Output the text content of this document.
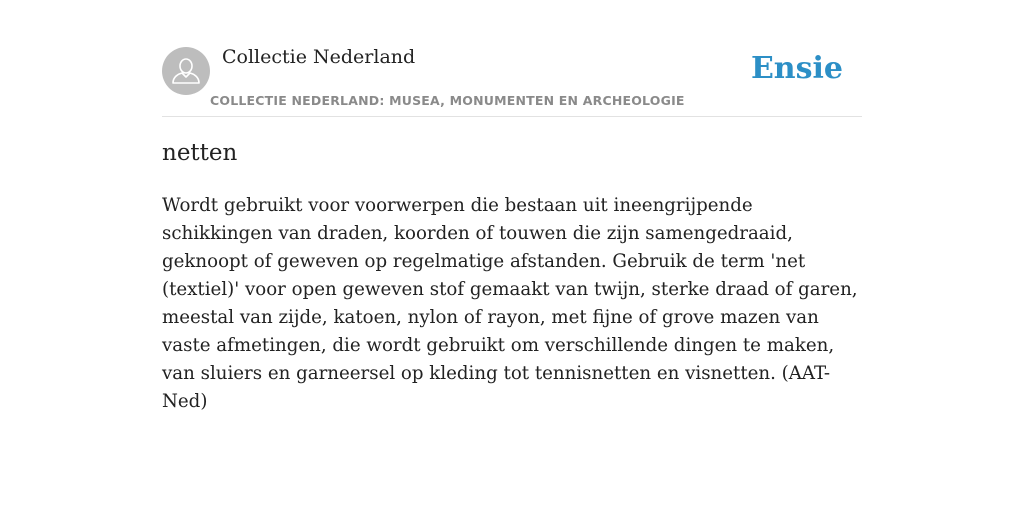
Collectie Nederland
COLLECTIE NEDERLAND: MUSEA, MONUMENTEN EN ARCHEOLOGIE
Ensie
netten

Wordt gebruikt voor voorwerpen die bestaan uit ineengrijpende schikkingen van draden, koorden of touwen die zijn samengedraaid, geknoopt of geweven op regelmatige afstanden. Gebruik de term 'net (textiel)' voor open geweven stof gemaakt van twijn, sterke draad of garen, meestal van zijde, katoen, nylon of rayon, met fijne of grove mazen van vaste afmetingen, die wordt gebruikt om verschillende dingen te maken, van sluiers en garneersel op kleding tot tennisnetten en visnetten. (AAT-Ned)
